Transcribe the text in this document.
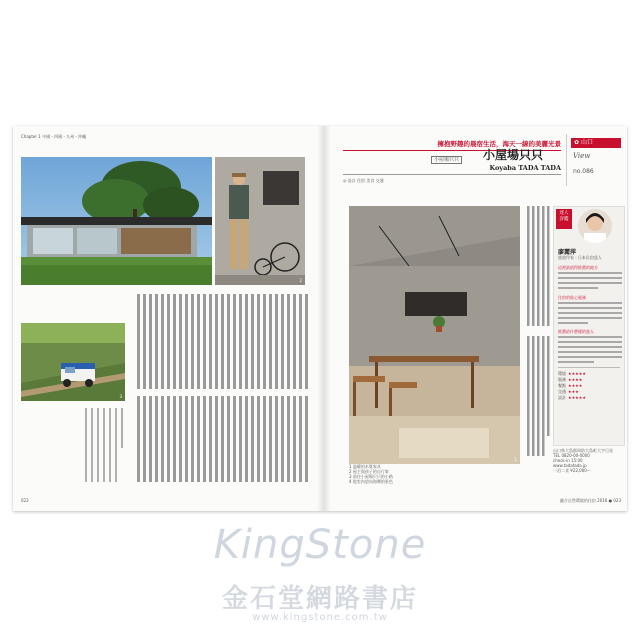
Chapter 1 中國・四國・九州・沖繩
2
3
022
擁抱野趣的晨宿生活，海天一線的美麗光景
小屋場只只 小屋場只只
Koyaba TADA TADA
◎ 設計 住宿 美食 交通
✿ 山口
View
no.086
1
1 溫暖的木質家具
2 屋主與孩子的自行車
3 前往小屋場只只的小路
4 從室內望向海灣的景色
山口県大島郡周防大島町大字日見
TEL 0820-00-0000
check-in 15:00
www.tadatada.jp
一泊二食 ¥22,000～
達人
評鑑
廖麗萍
旅遊作家 · 日本民宿達人
這裡最值得推薦的地方
住宿的貼心服務
推薦給什麼樣的旅人
環境 ★★★★★
服務 ★★★★
餐點 ★★★★
交通 ★★★
設計 ★★★★★
融合自然環境的住宿 2016 ● 023
KingStone
金石堂網路書店
www.kingstone.com.tw
